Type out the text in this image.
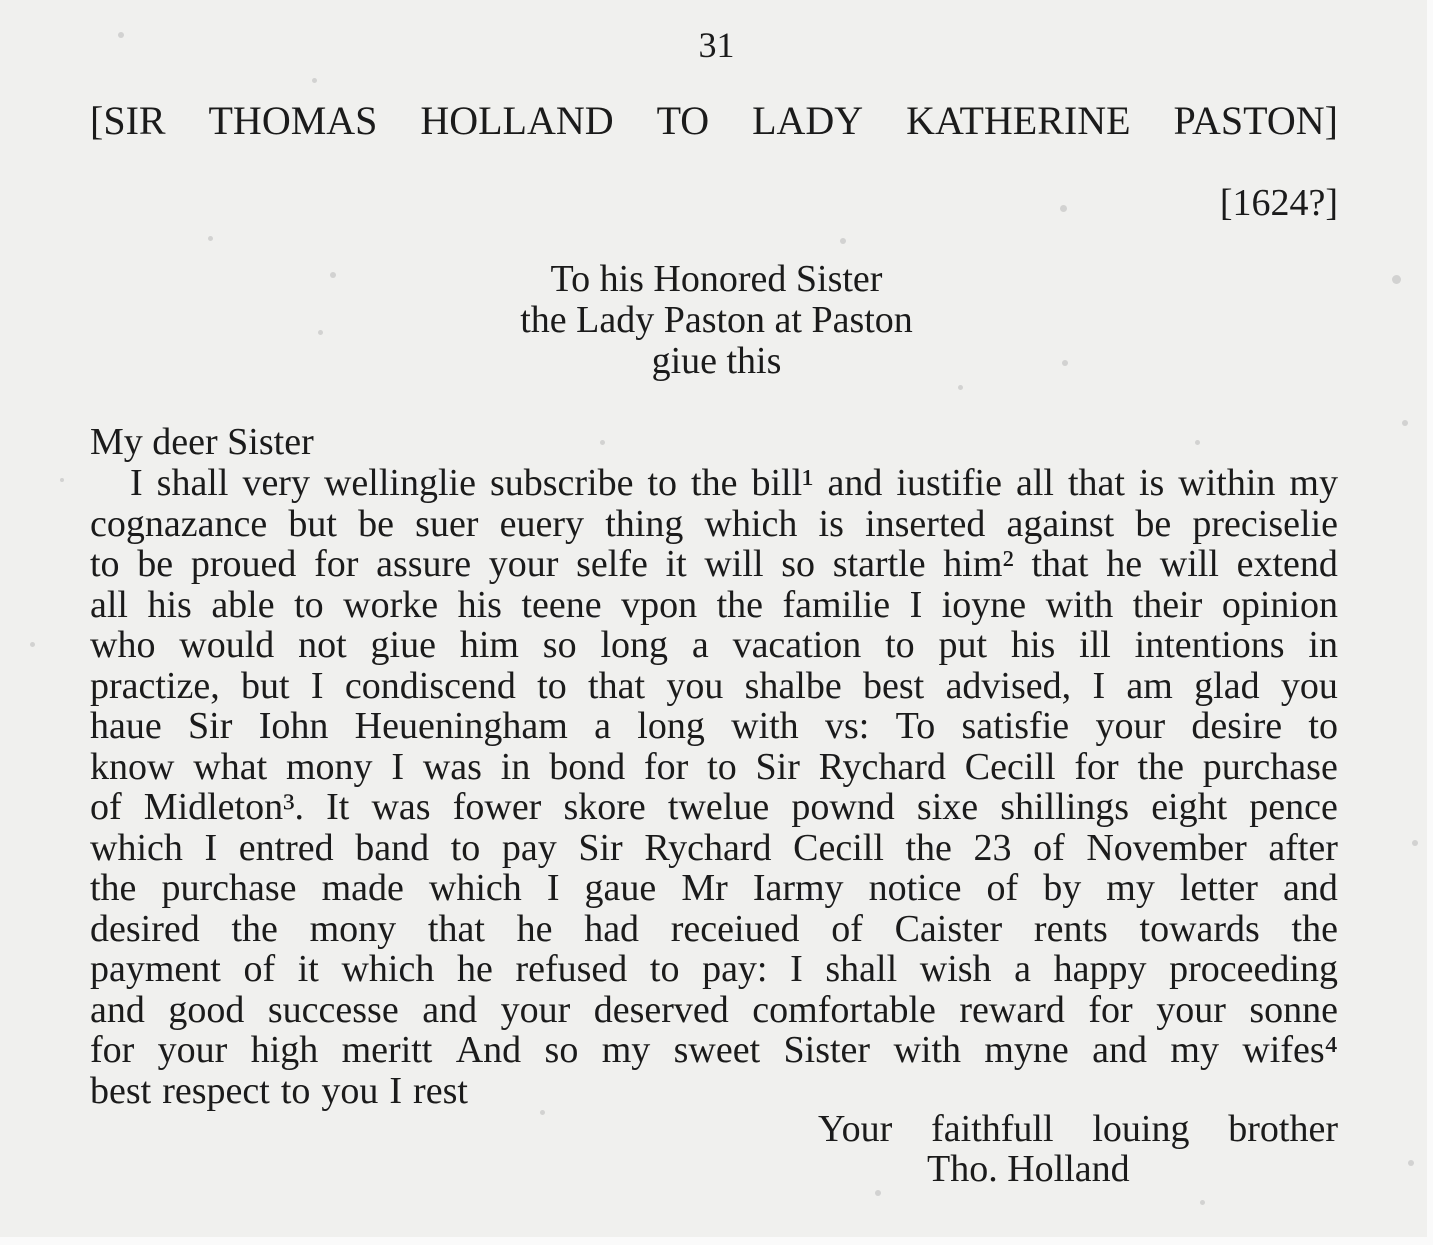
31
[SIR THOMAS HOLLAND TO LADY KATHERINE PASTON]
[1624?]
To his Honored Sister
the Lady Paston at Paston
giue this
My deer Sister
I shall very wellinglie subscribe to the bill¹ and iustifie all that is within my
cognazance but be suer euery thing which is inserted against be preciselie
to be proued for assure your selfe it will so startle him² that he will extend
all his able to worke his teene vpon the familie I ioyne with their opinion
who would not giue him so long a vacation to put his ill intentions in
practize, but I condiscend to that you shalbe best advised, I am glad you
haue Sir Iohn Heueningham a long with vs: To satisfie your desire to
know what mony I was in bond for to Sir Rychard Cecill for the purchase
of Midleton³. It was fower skore twelue pownd sixe shillings eight pence
which I entred band to pay Sir Rychard Cecill the 23 of November after
the purchase made which I gaue Mr Iarmy notice of by my letter and
desired the mony that he had receiued of Caister rents towards the
payment of it which he refused to pay: I shall wish a happy proceeding
and good successe and your deserved comfortable reward for your sonne
for your high meritt And so my sweet Sister with myne and my wifes⁴
best respect to you I rest
Your faithfull louing brother
Tho. Holland
